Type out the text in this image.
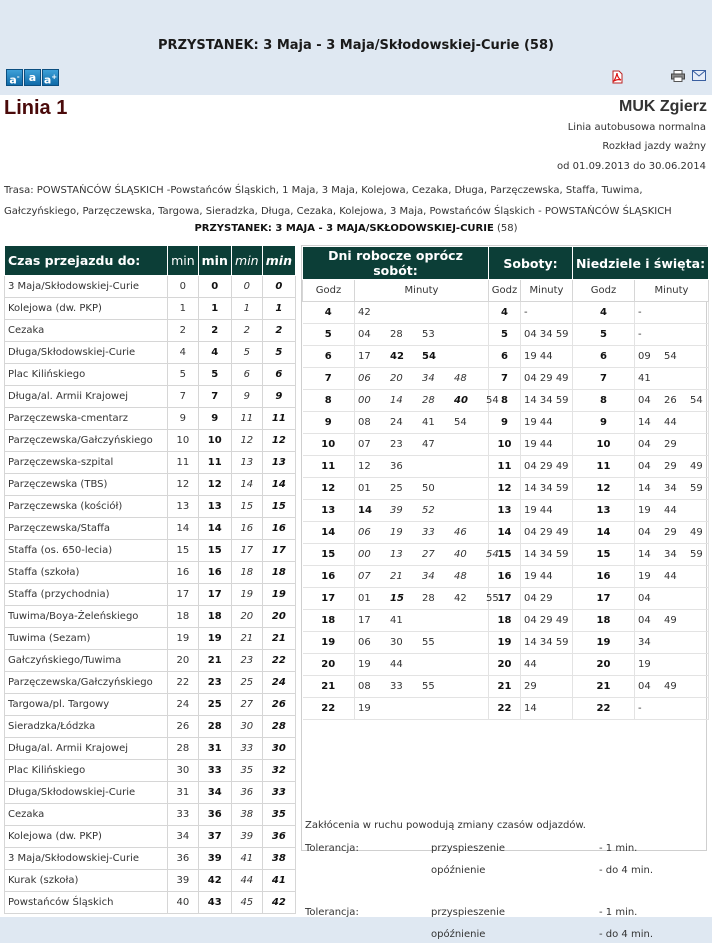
PRZYSTANEK: 3 Maja - 3 Maja/Skłodowskiej-Curie (58)
a- a a+
Linia 1	MUK Zgierz
Linia autobusowa normalna
Rozkład jazdy ważny
od 01.09.2013 do 30.06.2014
Trasa: POWSTAŃCÓW ŚLĄSKICH -Powstańców Śląskich, 1 Maja, 3 Maja, Kolejowa, Cezaka, Długa, Parzęczewska, Staffa, Tuwima,
Gałczyńskiego, Parzęczewska, Targowa, Sieradzka, Długa, Cezaka, Kolejowa, 3 Maja, Powstańców Śląskich - POWSTAŃCÓW ŚLĄSKICH
PRZYSTANEK: 3 MAJA - 3 MAJA/SKŁODOWSKIEJ-CURIE (58)
Czas przejazdu do:	min	min	min	min
3 Maja/Skłodowskiej-Curie	0	0	0	0
Kolejowa (dw. PKP)	1	1	1	1
Cezaka	2	2	2	2
Długa/Skłodowskiej-Curie	4	4	5	5
Plac Kilińskiego	5	5	6	6
Długa/al. Armii Krajowej	7	7	9	9
Parzęczewska-cmentarz	9	9	11	11
Parzęczewska/Gałczyńskiego	10	10	12	12
Parzęczewska-szpital	11	11	13	13
Parzęczewska (TBS)	12	12	14	14
Parzęczewska (kościół)	13	13	15	15
Parzęczewska/Staffa	14	14	16	16
Staffa (os. 650-lecia)	15	15	17	17
Staffa (szkoła)	16	16	18	18
Staffa (przychodnia)	17	17	19	19
Tuwima/Boya-Żeleńskiego	18	18	20	20
Tuwima (Sezam)	19	19	21	21
Gałczyńskiego/Tuwima	20	21	23	22
Parzęczewska/Gałczyńskiego	22	23	25	24
Targowa/pl. Targowy	24	25	27	26
Sieradzka/Łódzka	26	28	30	28
Długa/al. Armii Krajowej	28	31	33	30
Plac Kilińskiego	30	33	35	32
Długa/Skłodowskiej-Curie	31	34	36	33
Cezaka	33	36	38	35
Kolejowa (dw. PKP)	34	37	39	36
3 Maja/Skłodowskiej-Curie	36	39	41	38
Kurak (szkoła)	39	42	44	41
Powstańców Śląskich	40	43	45	42
Dni robocze oprócz sobót:		Soboty:		Niedziele i święta:	
Godz	Minuty	Godz	Minuty	Godz	Minuty
4	42	4	-	4	-
5	04 28 53	5	04 34 59	5	-
6	17 42 54	6	19 44	6	09 54
7	06 20 34 48	7	04 29 49	7	41
8	00 14 28 40 54	8	14 34 59	8	04 26 54
9	08 24 41 54	9	19 44	9	14 44
10	07 23 47	10	19 44	10	04 29
11	12 36	11	04 29 49	11	04 29 49
12	01 25 50	12	14 34 59	12	14 34 59
13	14 39 52	13	19 44	13	19 44
14	06 19 33 46	14	04 29 49	14	04 29 49
15	00 13 27 40 54	15	14 34 59	15	14 34 59
16	07 21 34 48	16	19 44	16	19 44
17	01 15 28 42 55	17	04 29	17	04
18	17 41	18	04 29 49	18	04 49
19	06 30 55	19	14 34 59	19	34
20	19 44	20	44	20	19
21	08 33 55	21	29	21	04 49
22	19	22	14	22	-
Zakłócenia w ruchu powodują zmiany czasów odjazdów.
Tolerancja:	przyspieszenie	- 1 min.
opóźnienie	- do 4 min.
Tolerancja:	przyspieszenie	- 1 min.
opóźnienie	- do 4 min.
